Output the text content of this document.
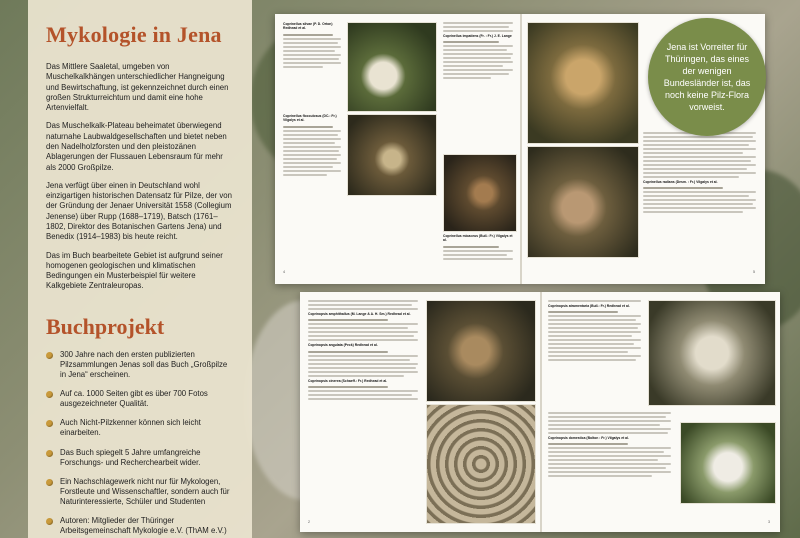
Mykologie in Jena

Das Mittlere Saaletal, umgeben von Muschelkalkhängen unterschiedlicher Hangneigung und Bewirtschaftung, ist gekennzeichnet durch einen großen Strukturreichtum und damit eine hohe Artenvielfalt.

Das Muschelkalk-Plateau beheimatet überwiegend naturnahe Laubwaldgesellschaften und bietet neben den Nadelholzforsten und den pleistozänen Ablagerungen der Flussauen Lebensraum für mehr als 2000 Großpilze.

Jena verfügt über einen in Deutschland wohl einzigartigen historischen Datensatz für Pilze, der von der Gründung der Jenaer Universität 1558 (Collegium Jenense) über Rupp (1688–1719), Batsch (1761–1802, Direktor des Botanischen Gartens Jena) und Benedix (1914–1983) bis heute reicht.

Das im Buch bearbeitete Gebiet ist aufgrund seiner homogenen geologischen und klimatischen Bedingungen ein Musterbeispiel für weitere Kalkgebiete Zentraleuropas.

Buchprojekt
300 Jahre nach den ersten publizierten Pilzsammlungen Jenas soll das Buch „Großpilze in Jena“ erscheinen.
Auf ca. 1000 Seiten gibt es über 700 Fotos ausgezeichneter Qualität.
Auch Nicht-Pilzkenner können sich leicht einarbeiten.
Das Buch spiegelt 5 Jahre umfangreiche Forschungs- und Recherchearbeit wider.
Ein Nachschlagewerk nicht nur für Mykologen, Forstleute und Wissenschaftler, sondern auch für Naturinteressierte, Schüler und Studenten
Autoren: Mitglieder der Thüringer Arbeitsgemeinschaft Mykologie e.V. (ThAM e.V.)
Coprinellus silvae (P. D. Orton) Redhead et al.
Coprinellus flocculosus (DC.: Fr.) Vilgalys et al.
Coprinellus impatiens (Fr. : Fr.) J. E. Lange
Coprinellus micaceus (Bull.: Fr.) Vilgalys et al.
4
Coprinellus radians (Desm. : Fr.) Vilgalys et al.
5
Jena ist Vorreiter für Thüringen, das eines der wenigen Bundesländer ist, das noch keine Pilz-Flora vorweist.
Coprinopsis amphithallus (M. Lange & A. H. Sm.) Redhead et al.
Coprinopsis angulata (Peck) Redhead et al.
Coprinopsis cinerea (Schaeff.: Fr.) Redhead et al.
2
Coprinopsis atramentaria (Bull.: Fr.) Redhead et al.
Coprinopsis domestica (Bolton : Fr.) Vilgalys et al.
3
